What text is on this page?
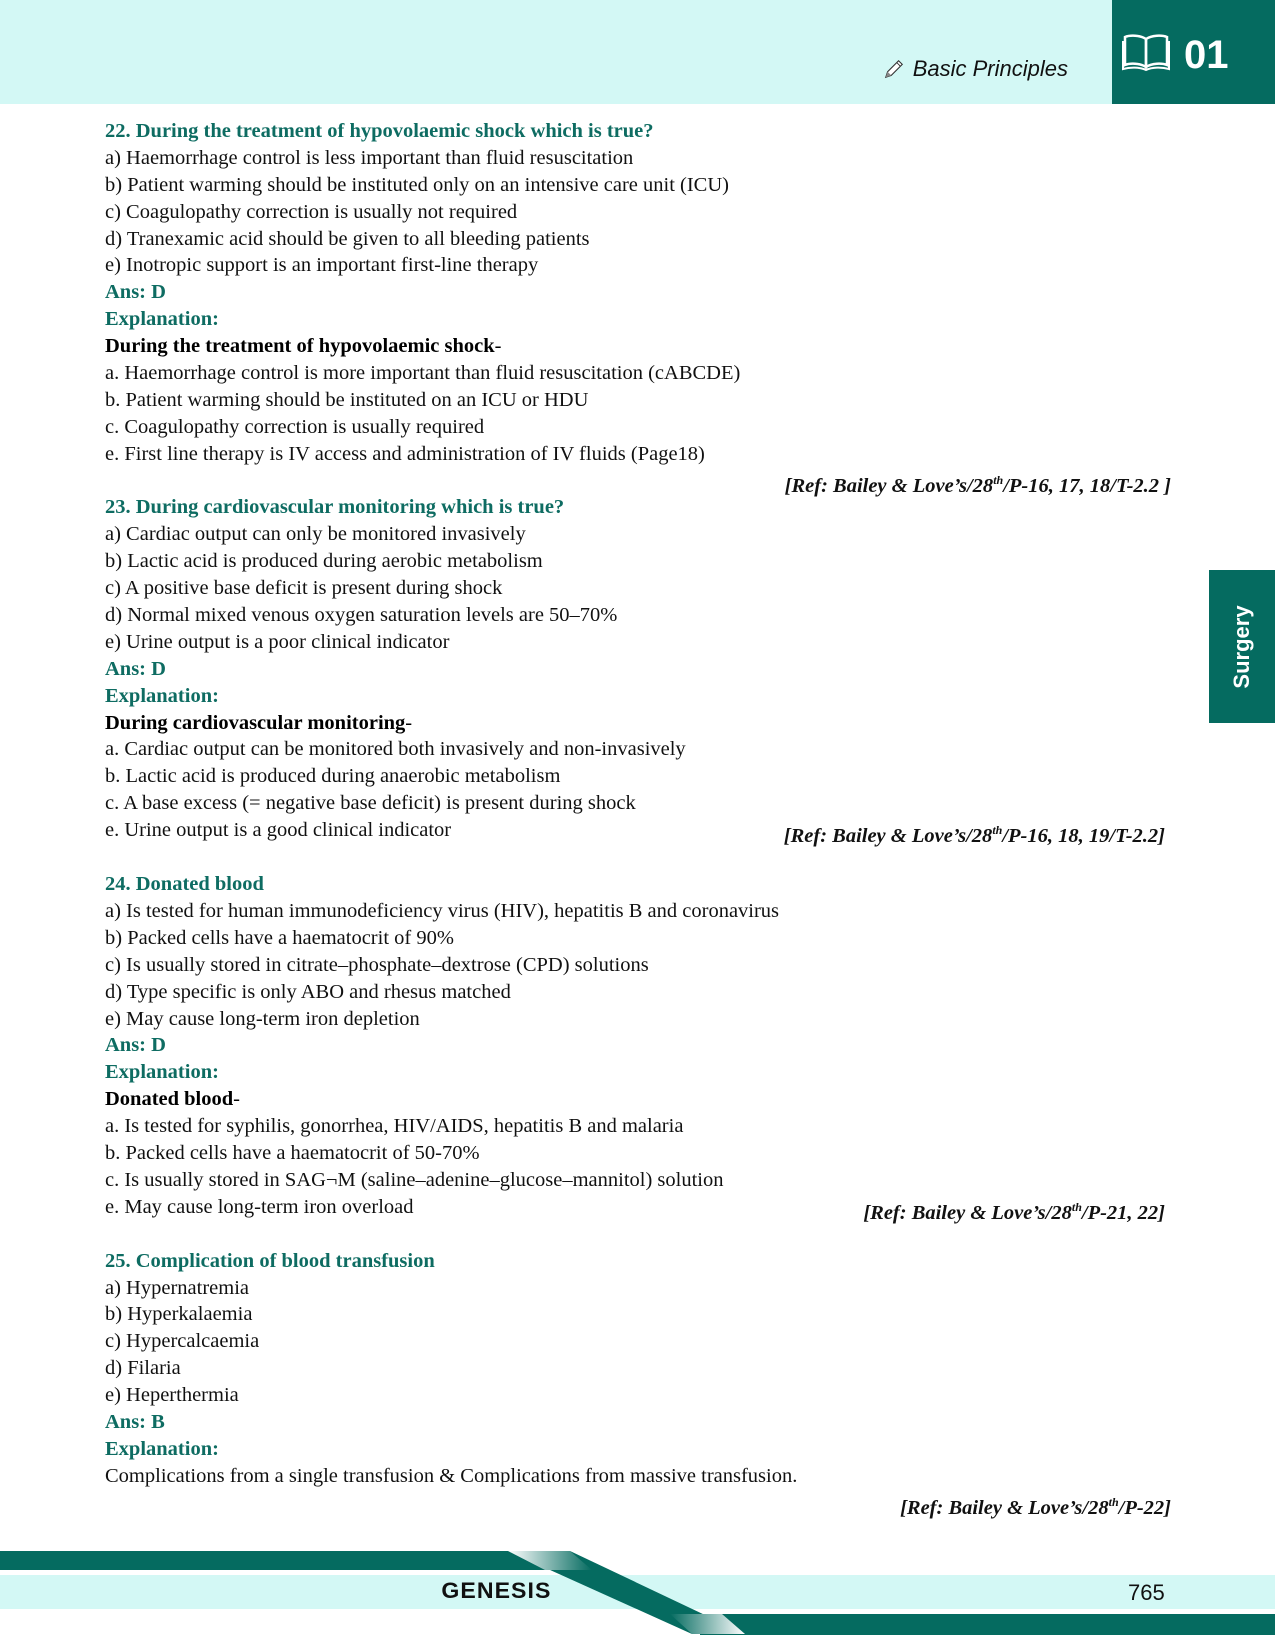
Basic Principles	01
Surgery
22. During the treatment of hypovolaemic shock which is true?
a) Haemorrhage control is less important than fluid resuscitation
b) Patient warming should be instituted only on an intensive care unit (ICU)
c) Coagulopathy correction is usually not required
d) Tranexamic acid should be given to all bleeding patients
e) Inotropic support is an important first-line therapy
Ans: D
Explanation:
During the treatment of hypovolaemic shock-
a. Haemorrhage control is more important than fluid resuscitation (cABCDE)
b. Patient warming should be instituted on an ICU or HDU
c. Coagulopathy correction is usually required
e. First line therapy is IV access and administration of IV fluids (Page18)
[Ref: Bailey & Love’s/28th/P-16, 17, 18/T-2.2 ]
23. During cardiovascular monitoring which is true?
a) Cardiac output can only be monitored invasively
b) Lactic acid is produced during aerobic metabolism
c) A positive base deficit is present during shock
d) Normal mixed venous oxygen saturation levels are 50–70%
e) Urine output is a poor clinical indicator
Ans: D
Explanation:
During cardiovascular monitoring-
a. Cardiac output can be monitored both invasively and non-invasively
b. Lactic acid is produced during anaerobic metabolism
c. A base excess (= negative base deficit) is present during shock
e. Urine output is a good clinical indicator	[Ref: Bailey & Love’s/28th/P-16, 18, 19/T-2.2]
24. Donated blood
a) Is tested for human immunodeficiency virus (HIV), hepatitis B and coronavirus
b) Packed cells have a haematocrit of 90%
c) Is usually stored in citrate–phosphate–dextrose (CPD) solutions
d) Type specific is only ABO and rhesus matched
e) May cause long-term iron depletion
Ans: D
Explanation:
Donated blood-
a. Is tested for syphilis, gonorrhea, HIV/AIDS, hepatitis B and malaria
b. Packed cells have a haematocrit of 50-70%
c. Is usually stored in SAG¬M (saline–adenine–glucose–mannitol) solution
e. May cause long-term iron overload	[Ref: Bailey & Love’s/28th/P-21, 22]
25. Complication of blood transfusion
a) Hypernatremia
b) Hyperkalaemia
c) Hypercalcaemia
d) Filaria
e) Heperthermia
Ans: B
Explanation:
Complications from a single transfusion & Complications from massive transfusion.
[Ref: Bailey & Love’s/28th/P-22]
GENESIS	765
